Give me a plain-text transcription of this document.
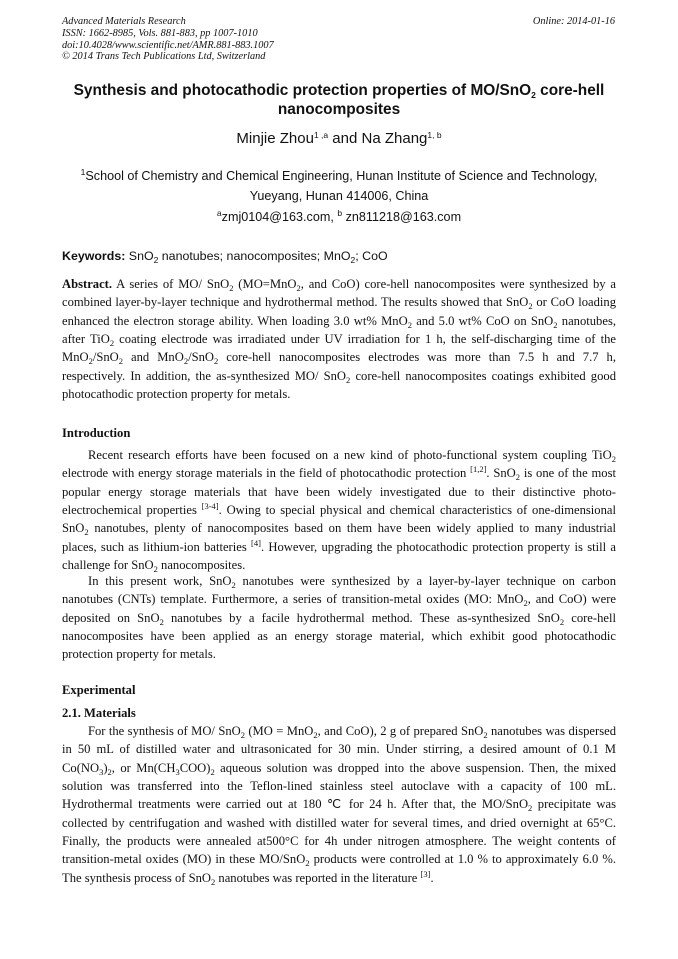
Advanced Materials Research
ISSN: 1662-8985, Vols. 881-883, pp 1007-1010
doi:10.4028/www.scientific.net/AMR.881-883.1007
© 2014 Trans Tech Publications Ltd, Switzerland
Online: 2014-01-16
Synthesis and photocathodic protection properties of MO/SnO$_2$ core-hell
nanocomposites
Minjie Zhou$^{1 ,a}$ and Na Zhang$^{1, b}$
$^1$School of Chemistry and Chemical Engineering, Hunan Institute of Science and Technology,
Yueyang, Hunan 414006, China
$^a$zmj0104@163.com, $^b$ zn811218@163.com
Keywords: SnO$_2$ nanotubes; nanocomposites; MnO$_2$; CoO

Abstract. A series of MO/ SnO$_2$ (MO=MnO$_2$, and CoO) core-hell nanocomposites were synthesized by a combined layer-by-layer technique and hydrothermal method. The results showed that SnO$_2$ or CoO loading enhanced the electron storage ability. When loading 3.0 wt% MnO$_2$ and 5.0 wt% CoO on SnO$_2$ nanotubes, after TiO$_2$ coating electrode was irradiated under UV irradiation for 1 h, the self-discharging time of the MnO$_2$/SnO$_2$ and MnO$_2$/SnO$_2$ core-hell nanocomposites electrodes was more than 7.5 h and 7.7 h, respectively. In addition, the as-synthesized MO/ SnO$_2$ core-hell nanocomposites coatings exhibited good photocathodic protection property for metals.

Introduction

Recent research efforts have been focused on a new kind of photo-functional system coupling TiO$_2$ electrode with energy storage materials in the field of photocathodic protection [1,2]. SnO$_2$ is one of the most popular energy storage materials that have been widely investigated due to their distinctive photo-electrochemical properties [3-4]. Owing to special physical and chemical characteristics of one-dimensional SnO$_2$ nanotubes, plenty of nanocomposites based on them have been widely applied to many industrial places, such as lithium-ion batteries [4]. However, upgrading the photocathodic protection property is still a challenge for SnO$_2$ nanocomposites.

In this present work, SnO$_2$ nanotubes were synthesized by a layer-by-layer technique on carbon nanotubes (CNTs) template. Furthermore, a series of transition-metal oxides (MO: MnO$_2$, and CoO) were deposited on SnO$_2$ nanotubes by a facile hydrothermal method. These as-synthesized SnO$_2$ core-hell nanocomposites have been applied as an energy storage material, which exhibit good photocathodic protection property for metals.

Experimental
2.1. Materials

For the synthesis of MO/ SnO$_2$ (MO = MnO$_2$, and CoO), 2 g of prepared SnO$_2$ nanotubes was dispersed in 50 mL of distilled water and ultrasonicated for 30 min. Under stirring, a desired amount of 0.1 M $Co(NO_3)_2$, or $Mn(CH_3COO)_2$ aqueous solution was dropped into the above suspension. Then, the mixed solution was transferred into the Teflon-lined stainless steel autoclave with a capacity of 100 mL. Hydrothermal treatments were carried out at 180 ℃ for 24 h. After that, the MO/SnO$_2$ precipitate was collected by centrifugation and washed with distilled water for several times, and dried overnight at 65°C. Finally, the products were annealed at500°C for 4h under nitrogen atmosphere. The weight contents of transition-metal oxides (MO) in these MO/SnO$_2$ products were controlled at 1.0 % to approximately 6.0 %. The synthesis process of SnO$_2$ nanotubes was reported in the literature [3].
